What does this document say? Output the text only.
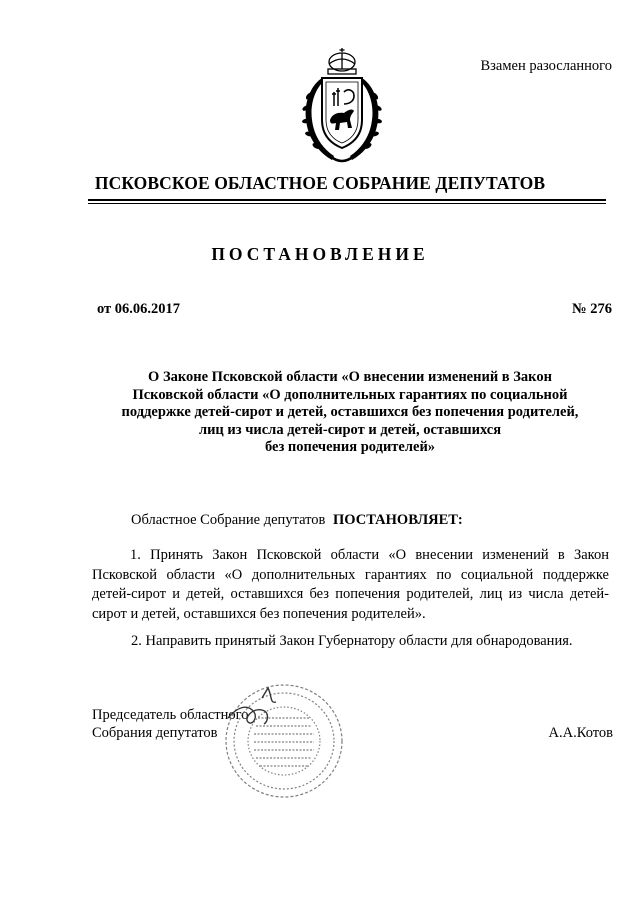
Взамен разосланного
ПСКОВСКОЕ ОБЛАСТНОЕ СОБРАНИЕ ДЕПУТАТОВ
ПОСТАНОВЛЕНИЕ
от 06.06.2017	№ 276
О Законе Псковской области «О внесении изменений в Закон
Псковской области «О дополнительных гарантиях по социальной
поддержке детей-сирот и детей, оставшихся без попечения родителей,
лиц из числа детей-сирот и детей, оставшихся
без попечения родителей»
Областное Собрание депутатов ПОСТАНОВЛЯЕТ:
1. Принять Закон Псковской области «О внесении изменений в Закон
Псковской области «О дополнительных гарантиях по социальной поддержке
детей-сирот и детей, оставшихся без попечения родителей, лиц из числа детей-
сирот и детей, оставшихся без попечения родителей».
2. Направить принятый Закон Губернатору области для обнародования.
Председатель областного
Собрания депутатов	А.А.Котов
